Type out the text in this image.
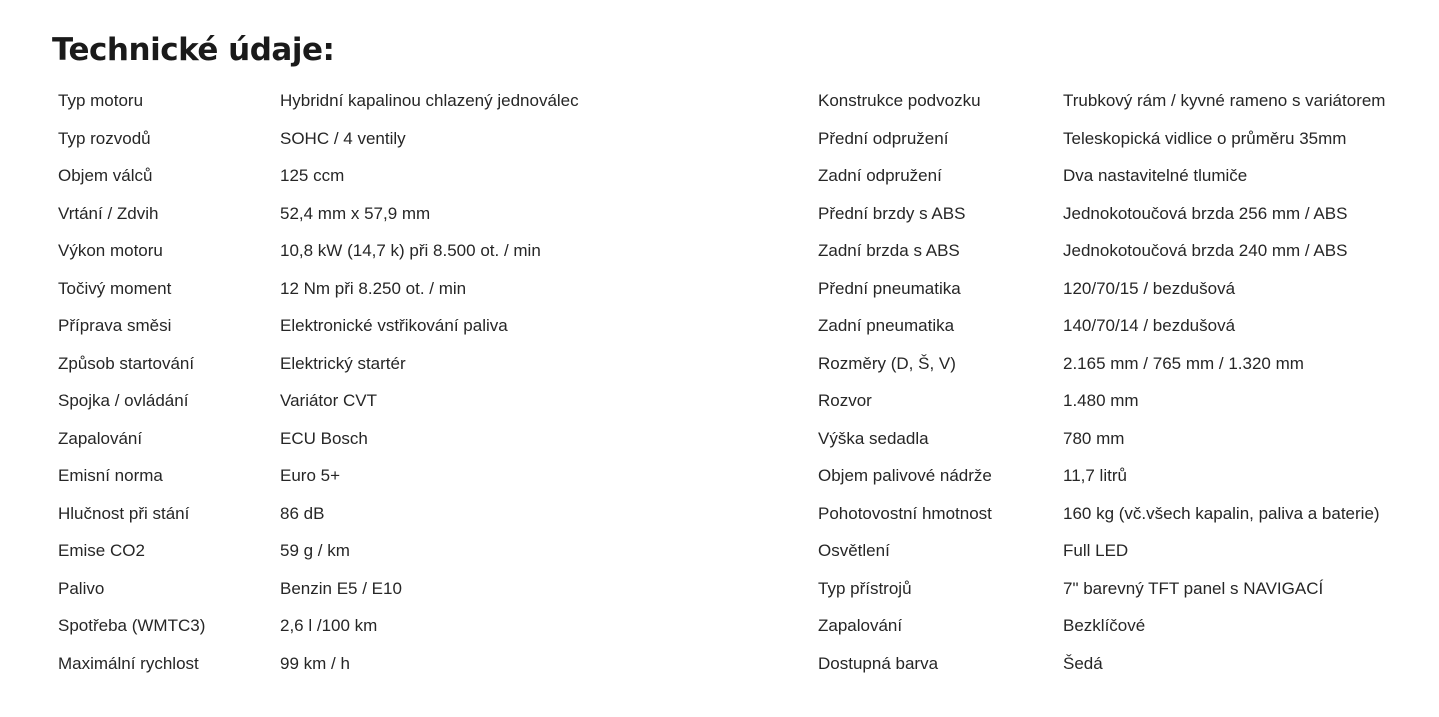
Technické údaje:
Typ motoru	Hybridní kapalinou chlazený jednoválec
Typ rozvodů	SOHC / 4 ventily
Objem válců	125 ccm
Vrtání / Zdvih	52,4 mm x 57,9 mm
Výkon motoru	10,8 kW (14,7 k) při 8.500 ot. / min
Točivý moment	12 Nm při 8.250 ot. / min
Příprava směsi	Elektronické vstřikování paliva
Způsob startování	Elektrický startér
Spojka / ovládání	Variátor CVT
Zapalování	ECU Bosch
Emisní norma	Euro 5+
Hlučnost při stání	86 dB
Emise CO2	59 g / km
Palivo	Benzin E5 / E10
Spotřeba (WMTC3)	2,6 l /100 km
Maximální rychlost	99 km / h
Konstrukce podvozku	Trubkový rám / kyvné rameno s variátorem
Přední odpružení	Teleskopická vidlice o průměru 35mm
Zadní odpružení	Dva nastavitelné tlumiče
Přední brzdy s ABS	Jednokotoučová brzda 256 mm / ABS
Zadní brzda s ABS	Jednokotoučová brzda 240 mm / ABS
Přední pneumatika	120/70/15 / bezdušová
Zadní pneumatika	140/70/14 / bezdušová
Rozměry (D, Š, V)	2.165 mm / 765 mm / 1.320 mm
Rozvor	1.480 mm
Výška sedadla	780 mm
Objem palivové nádrže	11,7 litrů
Pohotovostní hmotnost	160 kg (vč.všech kapalin, paliva a baterie)
Osvětlení	Full LED
Typ přístrojů	7" barevný TFT panel s NAVIGACÍ
Zapalování	Bezklíčové
Dostupná barva	Šedá
